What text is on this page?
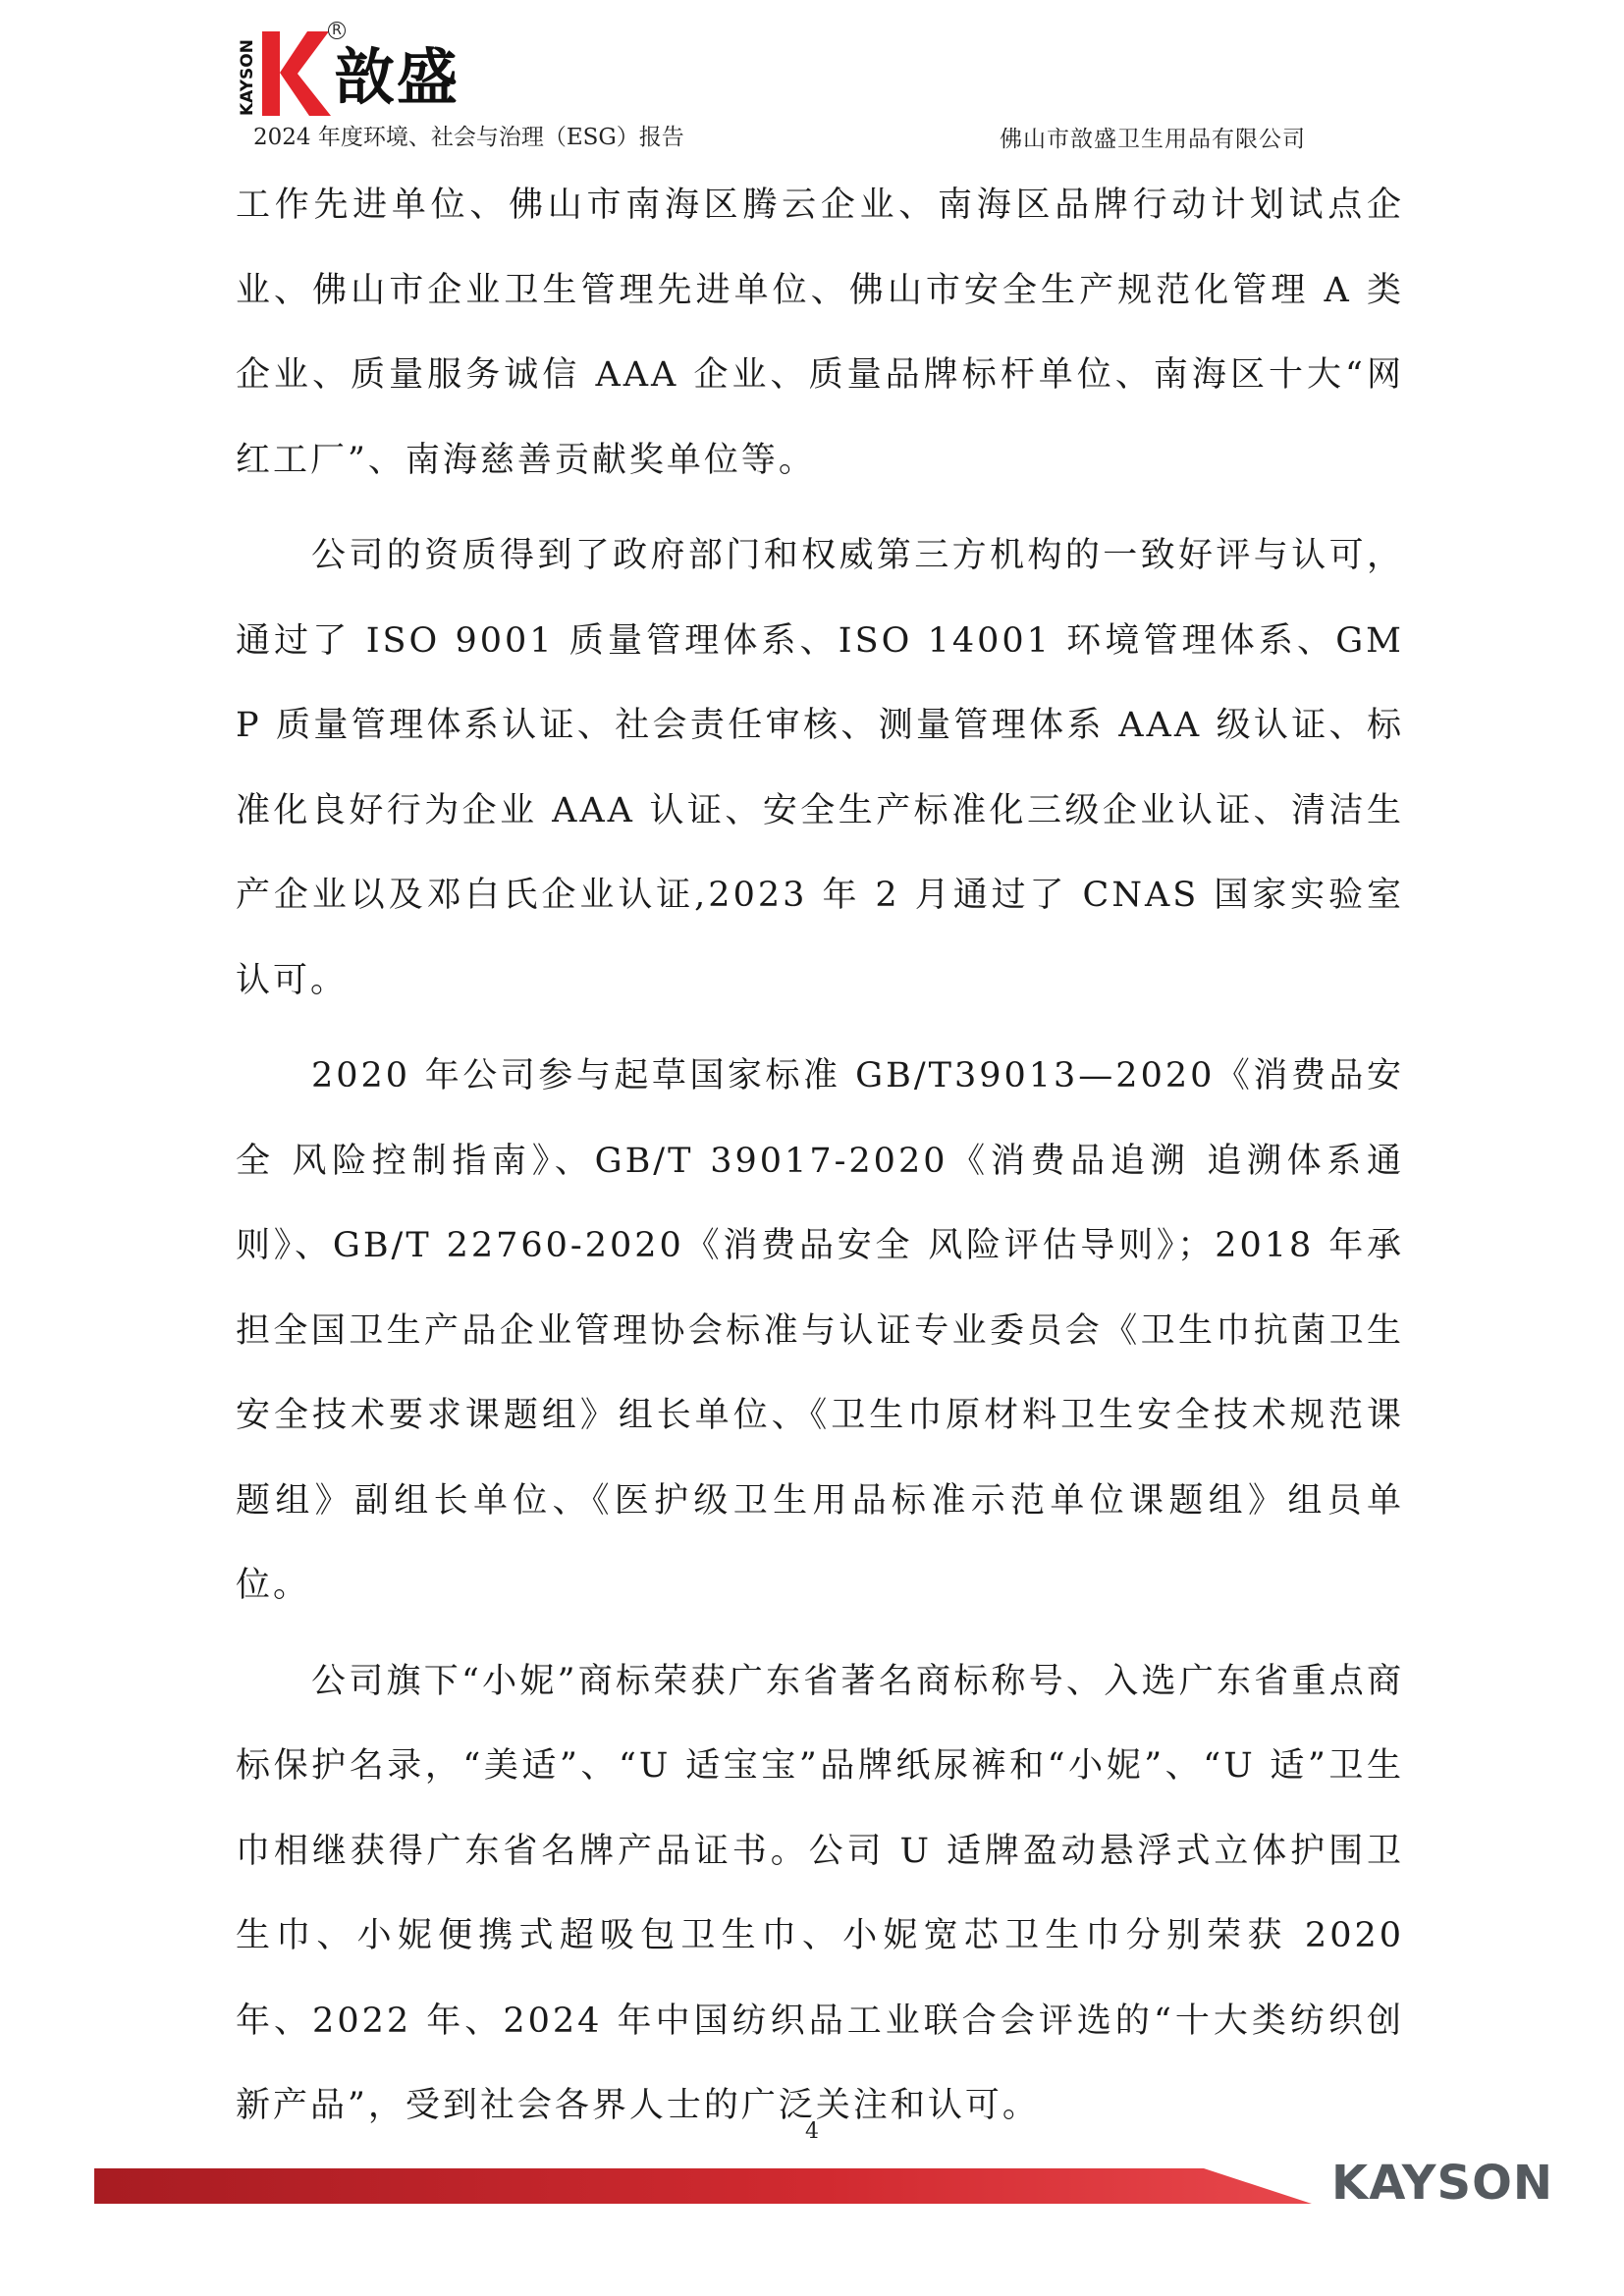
KAYSON
R
敨盛
2024 年度环境、社会与治理（ESG）报告	佛山市敨盛卫生用品有限公司

工作先进单位、佛山市南海区腾云企业、南海区品牌行动计划试点企业、佛山市企业卫生管理先进单位、佛山市安全生产规范化管理 A 类企业、质量服务诚信 AAA 企业、质量品牌标杆单位、南海区十大“网红工厂”、南海慈善贡献奖单位等。

公司的资质得到了政府部门和权威第三方机构的一致好评与认可，通过了 ISO 9001 质量管理体系、ISO 14001 环境管理体系、GMP 质量管理体系认证、社会责任审核、测量管理体系 AAA 级认证、标准化良好行为企业 AAA 认证、安全生产标准化三级企业认证、清洁生产企业以及邓白氏企业认证,2023 年 2 月通过了 CNAS 国家实验室认可。

2020 年公司参与起草国家标准 GB/T39013—2020《消费品安全 风险控制指南》、GB/T 39017-2020《消费品追溯 追溯体系通则》、GB/T 22760-2020《消费品安全 风险评估导则》；2018 年承担全国卫生产品企业管理协会标准与认证专业委员会《卫生巾抗菌卫生安全技术要求课题组》组长单位、《卫生巾原材料卫生安全技术规范课题组》副组长单位、《医护级卫生用品标准示范单位课题组》组员单位。

公司旗下“小妮”商标荣获广东省著名商标称号、入选广东省重点商标保护名录，“美适”、“U 适宝宝”品牌纸尿裤和“小妮”、“U 适”卫生巾相继获得广东省名牌产品证书。公司 U 适牌盈动悬浮式立体护围卫生巾、小妮便携式超吸包卫生巾、小妮宽芯卫生巾分别荣获 2020 年、2022 年、2024 年中国纺织品工业联合会评选的“十大类纺织创新产品”，受到社会各界人士的广泛关注和认可。

4
KAYSON
